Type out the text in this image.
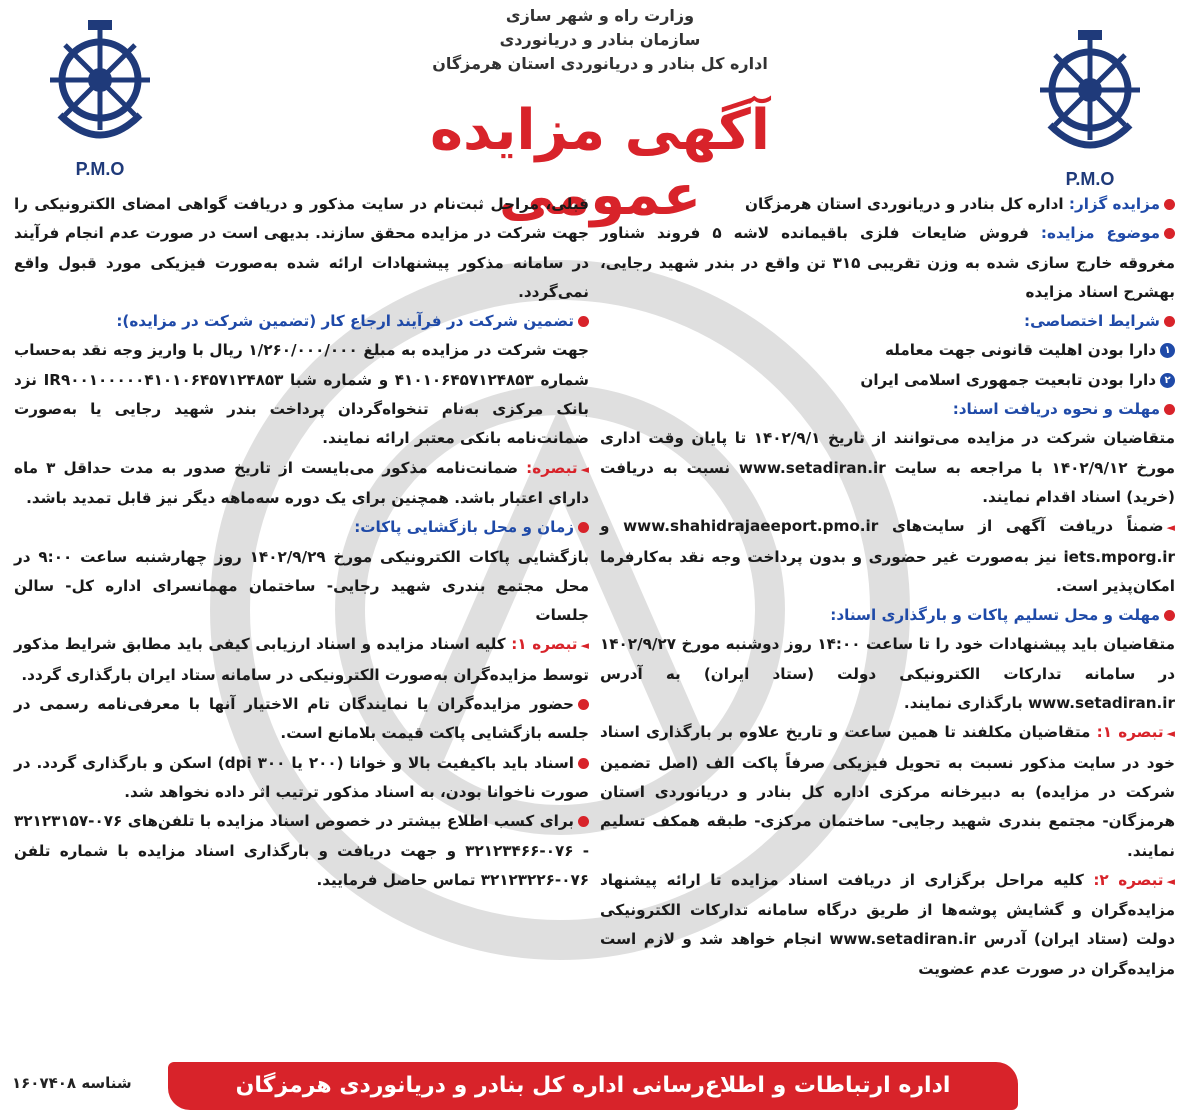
P.M.O	P.M.O
وزارت راه و شهر سازی
سازمان بنادر و دریانوردی
اداره کل بنادر و دریانوردی استان هرمزگان
آگهی مزایده عمومی	مزایده گزار: اداره کل بنادر و دریانوردی استان هرمزگان

موضوع مزایده: فروش ضایعات فلزی باقیمانده لاشه ۵ فروند شناور مغروقه خارج سازی شده به وزن تقریبی ۳۱۵ تن واقع در بندر شهید رجایی، بهشرح اسناد مزایده

شرایط اختصاصی:

۱دارا بودن اهلیت قانونی جهت معامله

۲دارا بودن تابعیت جمهوری اسلامی ایران

مهلت و نحوه دریافت اسناد:

متقاضیان شرکت در مزایده می‌توانند از تاریخ ۱۴۰۲/۹/۱ تا پایان وقت اداری مورخ ۱۴۰۲/۹/۱۲ با مراجعه به سایت www.setadiran.ir نسبت به دریافت (خرید) اسناد اقدام نمایند.

◄ضمناً دریافت آگهی از سایت‌های www.shahidrajaeeport.pmo.ir و iets.mporg.ir نیز به‌صورت غیر حضوری و بدون پرداخت وجه نقد به‌کارفرما امکان‌پذیر است.

مهلت و محل تسلیم پاکات و بارگذاری اسناد:

متقاضیان باید پیشنهادات خود را تا ساعت ۱۴:۰۰ روز دوشنبه مورخ ۱۴۰۲/۹/۲۷ در سامانه تدارکات الکترونیکی دولت (ستاد ایران) به آدرس www.setadiran.ir بارگذاری نمایند.

◄تبصره ۱: متقاضیان مکلفند تا همین ساعت و تاریخ علاوه بر بارگذاری اسناد خود در سایت مذکور نسبت به تحویل فیزیکی صرفاً پاکت الف (اصل تضمین شرکت در مزایده) به دبیرخانه مرکزی اداره کل بنادر و دریانوردی استان هرمزگان- مجتمع بندری شهید رجایی- ساختمان مرکزی- طبقه همکف تسلیم نمایند.

◄تبصره ۲: کلیه مراحل برگزاری از دریافت اسناد مزایده تا ارائه پیشنهاد مزایده‌گران و گشایش پوشه‌ها از طریق درگاه سامانه تدارکات الکترونیکی دولت (ستاد ایران) آدرس www.setadiran.ir انجام خواهد شد و لازم است مزایده‌گران در صورت عدم عضویت

قبلی، مراحل ثبت‌نام در سایت مذکور و دریافت گواهی امضای الکترونیکی را جهت شرکت در مزایده محقق سازند. بدیهی است در صورت عدم انجام فرآیند در سامانه مذکور پیشنهادات ارائه شده به‌صورت فیزیکی مورد قبول واقع نمی‌گردد.

تضمین شرکت در فرآیند ارجاع کار (تضمین شرکت در مزایده):

جهت شرکت در مزایده به مبلغ ۱/۲۶۰/۰۰۰/۰۰۰ ریال با واریز وجه نقد به‌حساب شماره ۴۱۰۱۰۶۴۵۷۱۲۴۸۵۳ و شماره شبا IR۹۰۰۱۰۰۰۰۰۴۱۰۱۰۶۴۵۷۱۲۴۸۵۳ نزد بانک مرکزی به‌نام تنخواه‌گردان پرداخت بندر شهید رجایی یا به‌صورت ضمانت‌نامه بانکی معتبر ارائه نمایند.

◄تبصره: ضمانت‌نامه مذکور می‌بایست از تاریخ صدور به مدت حداقل ۳ ماه دارای اعتبار باشد. همچنین برای یک دوره سه‌ماهه دیگر نیز قابل تمدید باشد.

زمان و محل بازگشایی پاکات:

بازگشایی پاکات الکترونیکی مورخ ۱۴۰۲/۹/۲۹ روز چهارشنبه ساعت ۹:۰۰ در محل مجتمع بندری شهید رجایی- ساختمان مهمانسرای اداره کل- سالن جلسات

◄تبصره ۱: کلیه اسناد مزایده و اسناد ارزیابی کیفی باید مطابق شرایط مذکور توسط مزایده‌گران به‌صورت الکترونیکی در سامانه ستاد ایران بارگذاری گردد.

حضور مزایده‌گران یا نمایندگان تام الاختیار آنها با معرفی‌نامه رسمی در جلسه بازگشایی پاکت قیمت بلامانع است.

اسناد باید باکیفیت بالا و خوانا (۲۰۰ یا ۳۰۰ dpi) اسکن و بارگذاری گردد. در صورت ناخوانا بودن، به اسناد مذکور ترتیب اثر داده نخواهد شد.

برای کسب اطلاع بیشتر در خصوص اسناد مزایده با تلفن‌های ۰۷۶-۳۲۱۲۳۱۵۷ - ۰۷۶-۳۲۱۲۳۴۶۶ و جهت دریافت و بارگذاری اسناد مزایده با شماره تلفن ۰۷۶-۳۲۱۲۳۲۲۶ تماس حاصل فرمایید.

اداره ارتباطات و اطلاع‌رسانی اداره کل بنادر و دریانوردی هرمزگان
شناسه ۱۶۰۷۴۰۸
